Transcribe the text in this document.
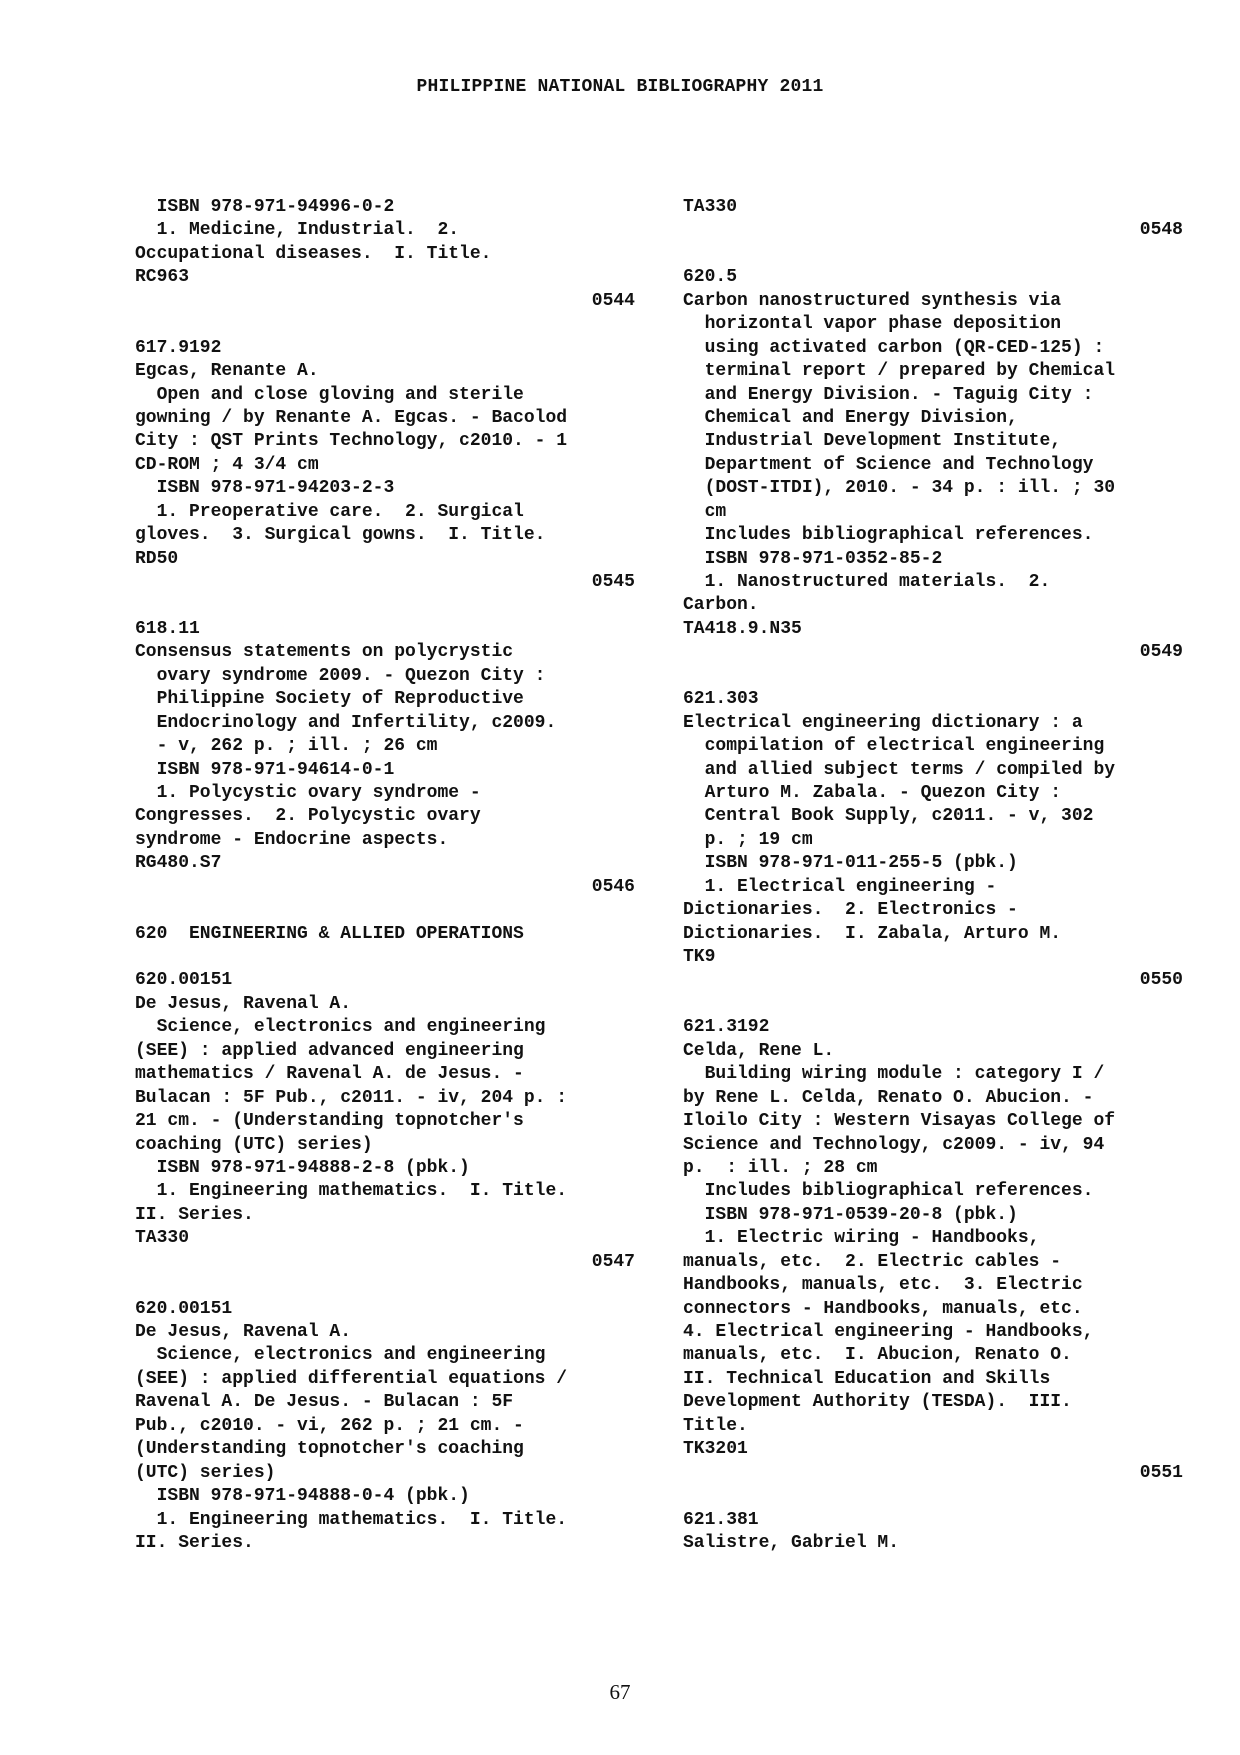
PHILIPPINE NATIONAL BIBLIOGRAPHY 2011
ISBN 978-971-94996-0-2
1. Medicine, Industrial.  2.
Occupational diseases.  I. Title.
RC963
0544
617.9192
Egcas, Renante A.
Open and close gloving and sterile
gowning / by Renante A. Egcas. - Bacolod
City : QST Prints Technology, c2010. - 1
CD-ROM ; 4 3/4 cm
ISBN 978-971-94203-2-3
1. Preoperative care.  2. Surgical
gloves.  3. Surgical gowns.  I. Title.
RD50
0545
618.11
Consensus statements on polycrystic
ovary syndrome 2009. - Quezon City :
Philippine Society of Reproductive
Endocrinology and Infertility, c2009.
- v, 262 p. ; ill. ; 26 cm
ISBN 978-971-94614-0-1
1. Polycystic ovary syndrome -
Congresses.  2. Polycystic ovary
syndrome - Endocrine aspects.
RG480.S7
0546
620  ENGINEERING & ALLIED OPERATIONS
620.00151
De Jesus, Ravenal A.
Science, electronics and engineering
(SEE) : applied advanced engineering
mathematics / Ravenal A. de Jesus. -
Bulacan : 5F Pub., c2011. - iv, 204 p. :
21 cm. - (Understanding topnotcher's
coaching (UTC) series)
ISBN 978-971-94888-2-8 (pbk.)
1. Engineering mathematics.  I. Title.
II. Series.
TA330
0547
620.00151
De Jesus, Ravenal A.
Science, electronics and engineering
(SEE) : applied differential equations /
Ravenal A. De Jesus. - Bulacan : 5F
Pub., c2010. - vi, 262 p. ; 21 cm. -
(Understanding topnotcher's coaching
(UTC) series)
ISBN 978-971-94888-0-4 (pbk.)
1. Engineering mathematics.  I. Title.
II. Series.
TA330
0548
620.5
Carbon nanostructured synthesis via
horizontal vapor phase deposition
using activated carbon (QR-CED-125) :
terminal report / prepared by Chemical
and Energy Division. - Taguig City :
Chemical and Energy Division,
Industrial Development Institute,
Department of Science and Technology
(DOST-ITDI), 2010. - 34 p. : ill. ; 30
cm
Includes bibliographical references.
ISBN 978-971-0352-85-2
1. Nanostructured materials.  2.
Carbon.
TA418.9.N35
0549
621.303
Electrical engineering dictionary : a
compilation of electrical engineering
and allied subject terms / compiled by
Arturo M. Zabala. - Quezon City :
Central Book Supply, c2011. - v, 302
p. ; 19 cm
ISBN 978-971-011-255-5 (pbk.)
1. Electrical engineering -
Dictionaries.  2. Electronics -
Dictionaries.  I. Zabala, Arturo M.
TK9
0550
621.3192
Celda, Rene L.
Building wiring module : category I /
by Rene L. Celda, Renato O. Abucion. -
Iloilo City : Western Visayas College of
Science and Technology, c2009. - iv, 94
p.  : ill. ; 28 cm
Includes bibliographical references.
ISBN 978-971-0539-20-8 (pbk.)
1. Electric wiring - Handbooks,
manuals, etc.  2. Electric cables -
Handbooks, manuals, etc.  3. Electric
connectors - Handbooks, manuals, etc.
4. Electrical engineering - Handbooks,
manuals, etc.  I. Abucion, Renato O.
II. Technical Education and Skills
Development Authority (TESDA).  III.
Title.
TK3201
0551
621.381
Salistre, Gabriel M.
67
